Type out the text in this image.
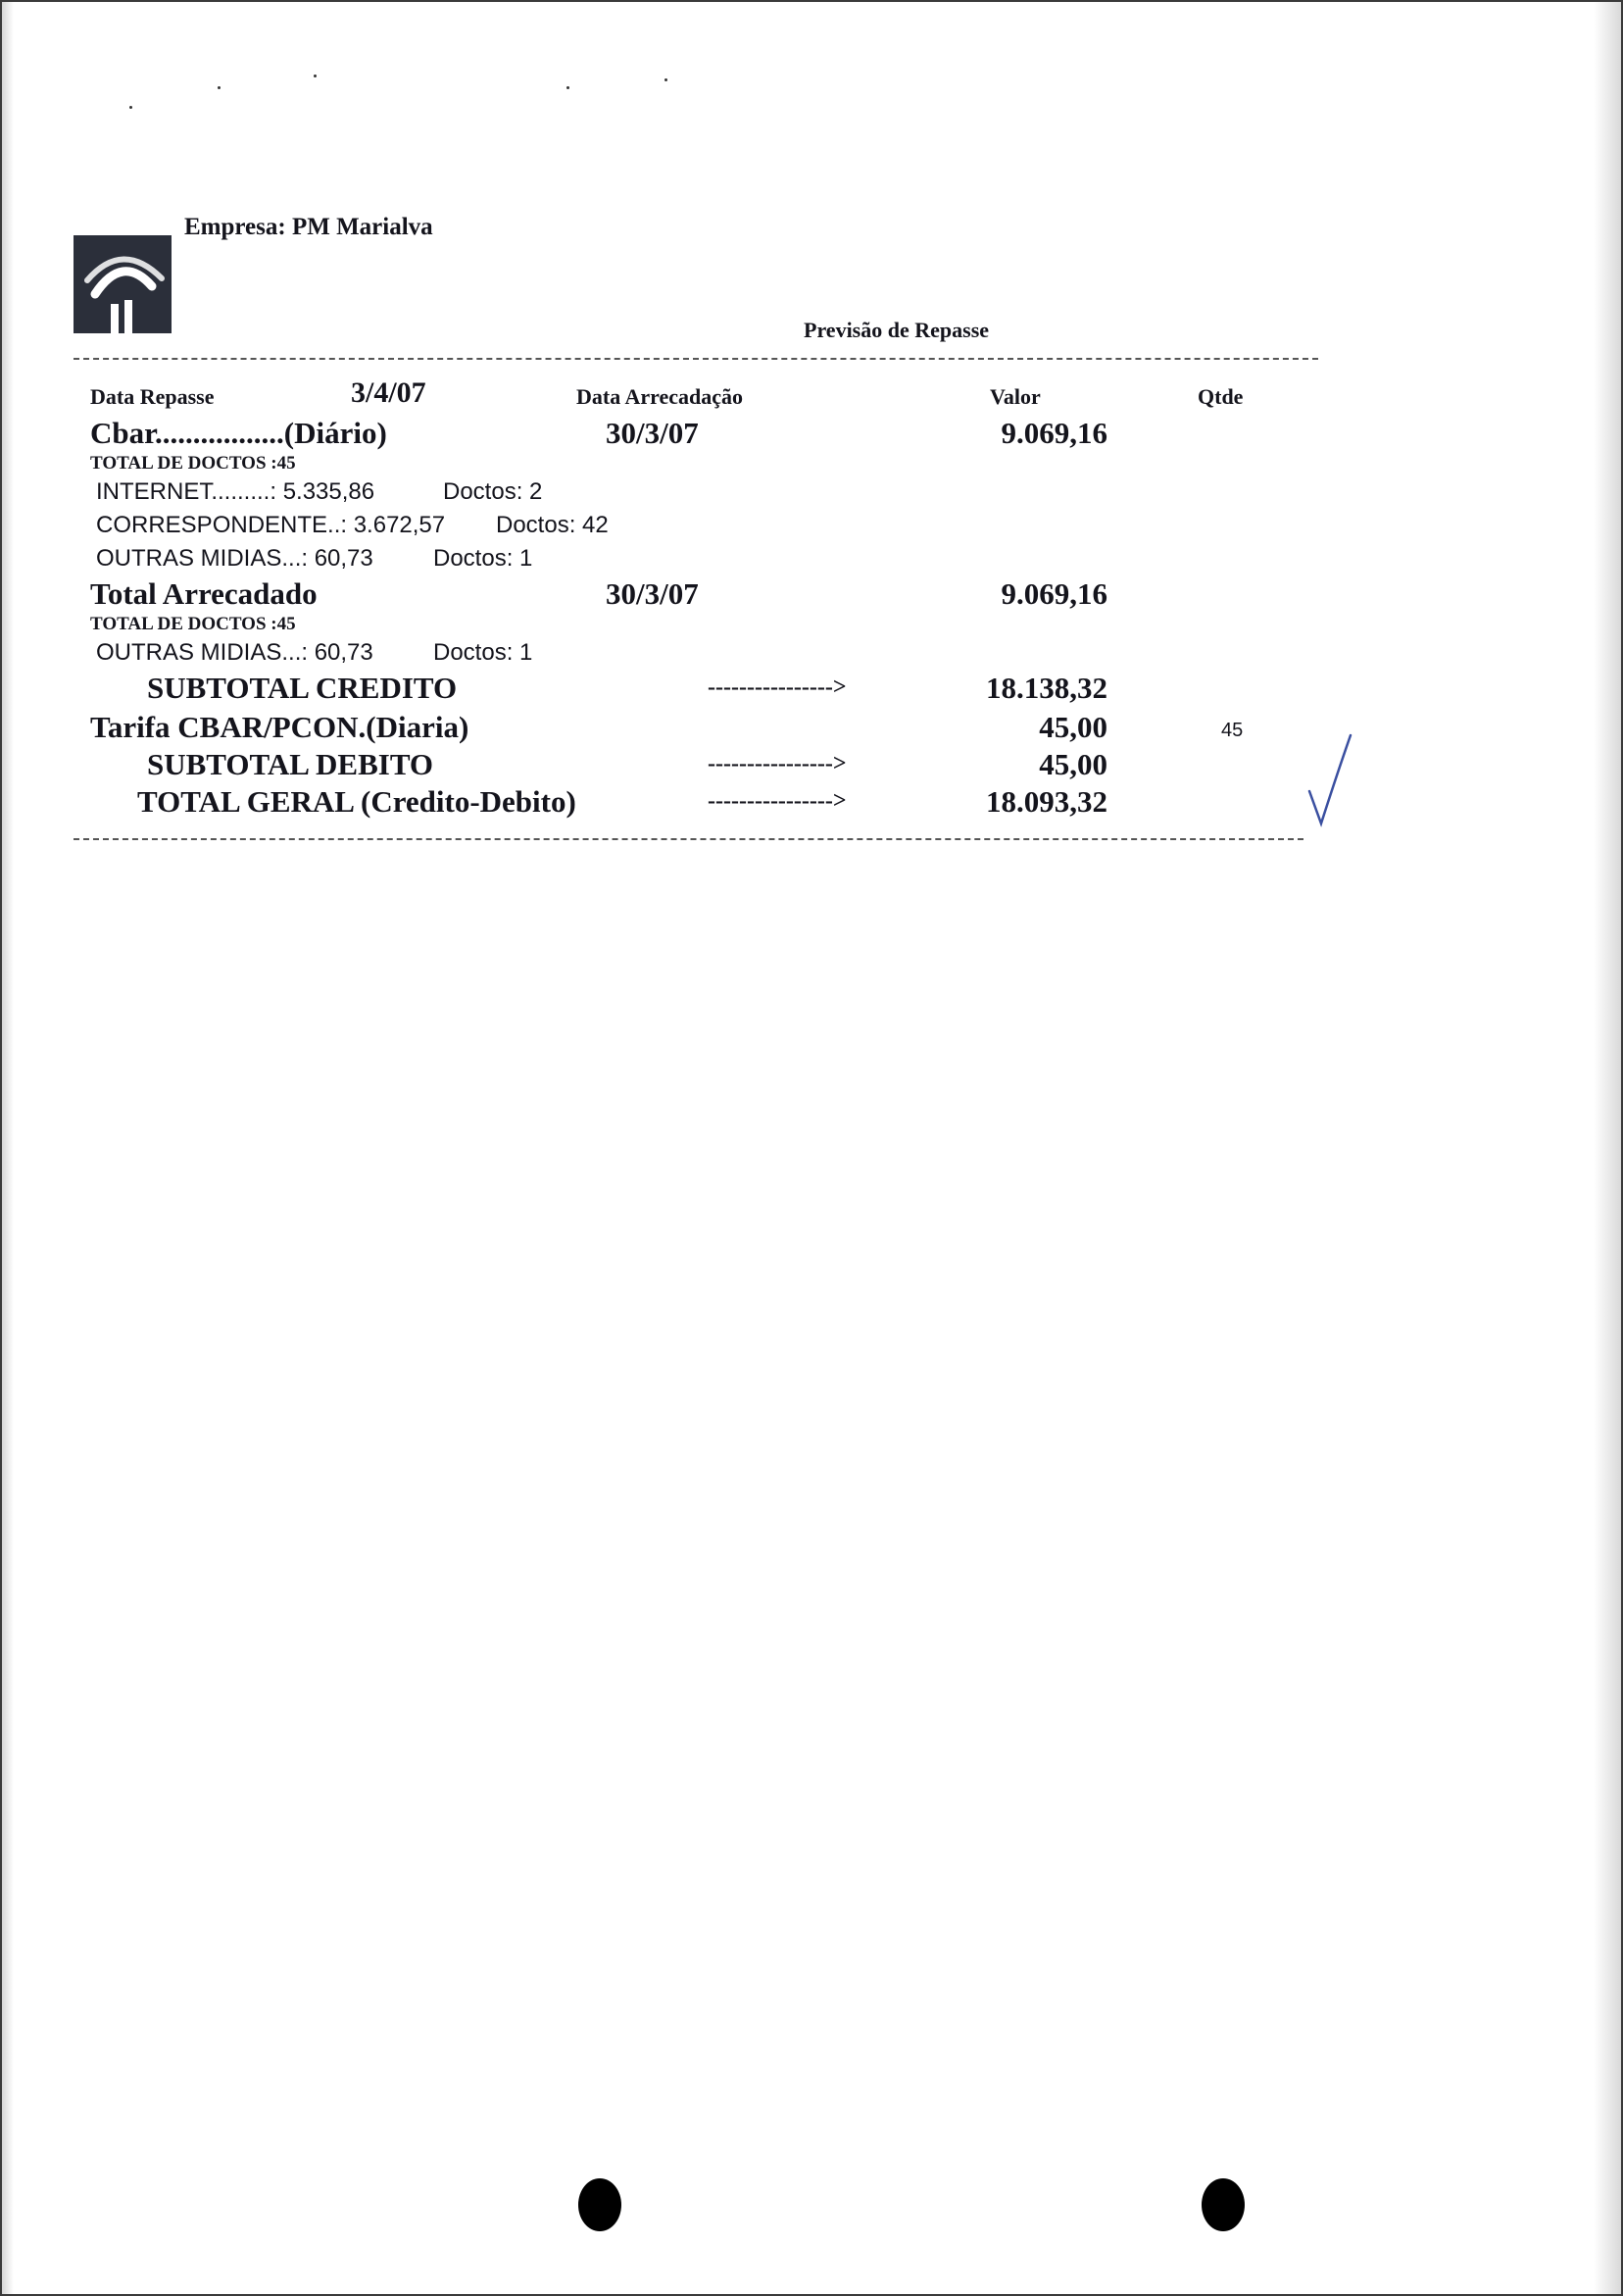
Empresa: PM Marialva
Previsão de Repasse
Data Repasse	3/4/07	Data Arrecadação	Valor	Qtde
Cbar.................(Diário)	30/3/07	9.069,16
TOTAL DE DOCTOS :45
INTERNET.........: 5.335,86	Doctos: 2
CORRESPONDENTE..: 3.672,57 Doctos: 42
OUTRAS MIDIAS...: 60,73	Doctos: 1
Total Arrecadado	30/3/07	9.069,16
TOTAL DE DOCTOS :45
OUTRAS MIDIAS...: 60,73	Doctos: 1
SUBTOTAL CREDITO	---------------->	18.138,32
Tarifa CBAR/PCON.(Diaria)	45,00	45
SUBTOTAL DEBITO	---------------->	45,00
TOTAL GERAL (Credito-Debito)	---------------->	18.093,32
